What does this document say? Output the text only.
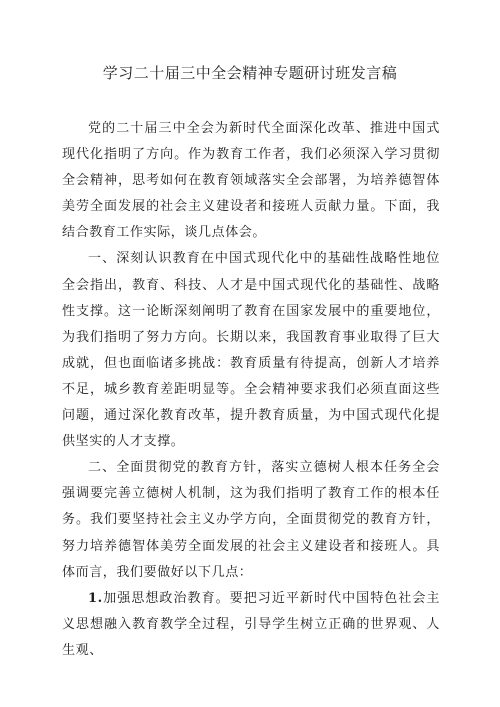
学习二十届三中全会精神专题研讨班发言稿

党的二十届三中全会为新时代全面深化改革、推进中国式现代化指明了方向。作为教育工作者，我们必须深入学习贯彻全会精神，思考如何在教育领域落实全会部署，为培养德智体美劳全面发展的社会主义建设者和接班人贡献力量。下面，我结合教育工作实际，谈几点体会。

一、深刻认识教育在中国式现代化中的基础性战略性地位全会指出，教育、科技、人才是中国式现代化的基础性、战略性支撑。这一论断深刻阐明了教育在国家发展中的重要地位，为我们指明了努力方向。长期以来，我国教育事业取得了巨大成就，但也面临诸多挑战：教育质量有待提高，创新人才培养不足，城乡教育差距明显等。全会精神要求我们必须直面这些问题，通过深化教育改革，提升教育质量，为中国式现代化提供坚实的人才支撑。

二、全面贯彻党的教育方针，落实立德树人根本任务全会强调要完善立德树人机制，这为我们指明了教育工作的根本任务。我们要坚持社会主义办学方向，全面贯彻党的教育方针，努力培养德智体美劳全面发展的社会主义建设者和接班人。具体而言，我们要做好以下几点：

1.加强思想政治教育。要把习近平新时代中国特色社会主义思想融入教育教学全过程，引导学生树立正确的世界观、人生观、
